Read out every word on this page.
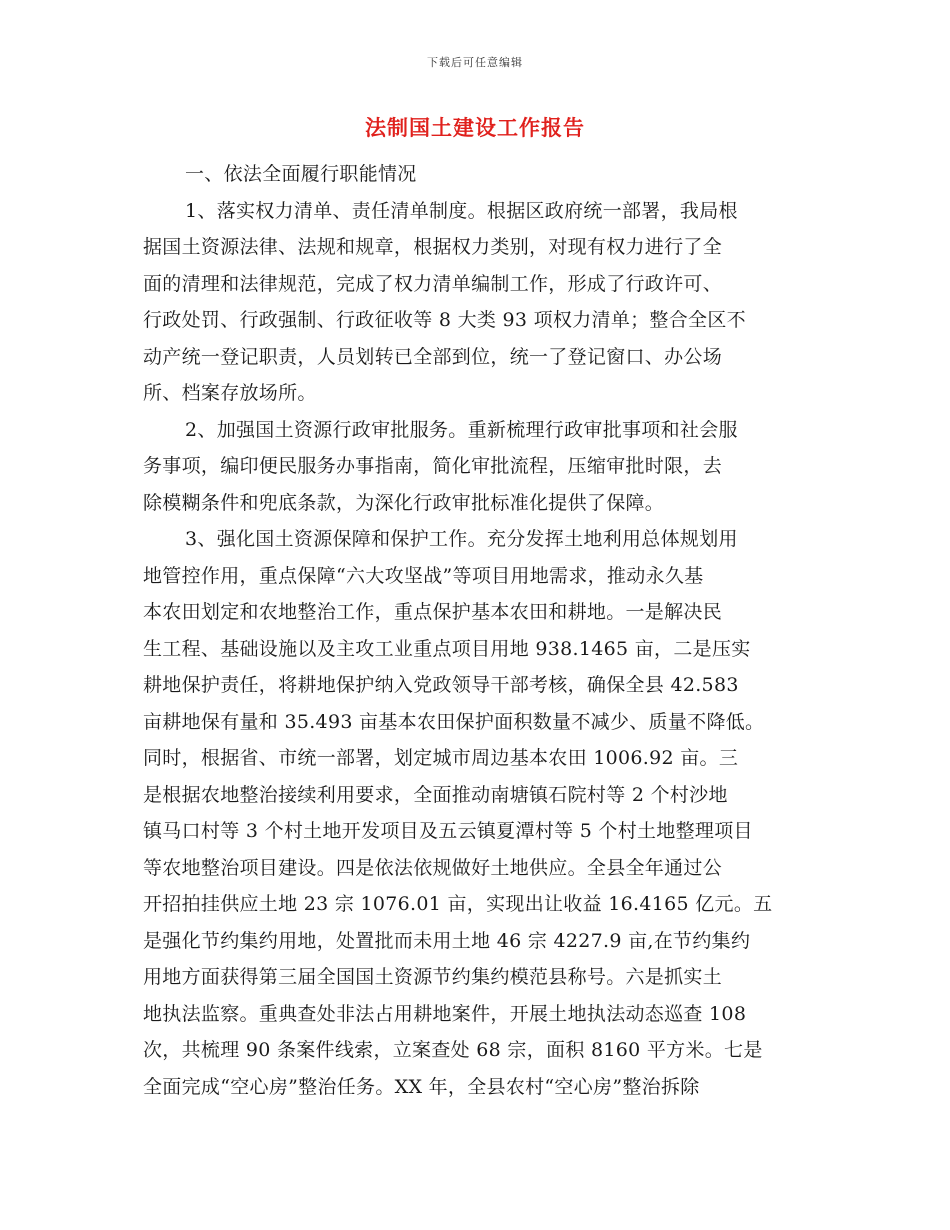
下载后可任意编辑
法制国土建设工作报告
一、依法全面履行职能情况
1、落实权力清单、责任清单制度。根据区政府统一部署，我局根
据国土资源法律、法规和规章，根据权力类别，对现有权力进行了全
面的清理和法律规范，完成了权力清单编制工作，形成了行政许可、
行政处罚、行政强制、行政征收等 8 大类 93 项权力清单；整合全区不
动产统一登记职责，人员划转已全部到位，统一了登记窗口、办公场
所、档案存放场所。
2、加强国土资源行政审批服务。重新梳理行政审批事项和社会服
务事项，编印便民服务办事指南，简化审批流程，压缩审批时限，去
除模糊条件和兜底条款，为深化行政审批标准化提供了保障。
3、强化国土资源保障和保护工作。充分发挥土地利用总体规划用
地管控作用，重点保障“六大攻坚战”等项目用地需求，推动永久基
本农田划定和农地整治工作，重点保护基本农田和耕地。一是解决民
生工程、基础设施以及主攻工业重点项目用地 938.1465 亩，二是压实
耕地保护责任，将耕地保护纳入党政领导干部考核，确保全县 42.583
亩耕地保有量和 35.493 亩基本农田保护面积数量不减少、质量不降低。
同时，根据省、市统一部署，划定城市周边基本农田 1006.92 亩。三
是根据农地整治接续利用要求，全面推动南塘镇石院村等 2 个村沙地
镇马口村等 3 个村土地开发项目及五云镇夏潭村等 5 个村土地整理项目
等农地整治项目建设。四是依法依规做好土地供应。全县全年通过公
开招拍挂供应土地 23 宗 1076.01 亩，实现出让收益 16.4165 亿元。五
是强化节约集约用地，处置批而未用土地 46 宗 4227.9 亩,在节约集约
用地方面获得第三届全国国土资源节约集约模范县称号。六是抓实土
地执法监察。重典查处非法占用耕地案件，开展土地执法动态巡查 108
次，共梳理 90 条案件线索，立案查处 68 宗，面积 8160 平方米。七是
全面完成“空心房”整治任务。XX 年，全县农村“空心房”整治拆除
